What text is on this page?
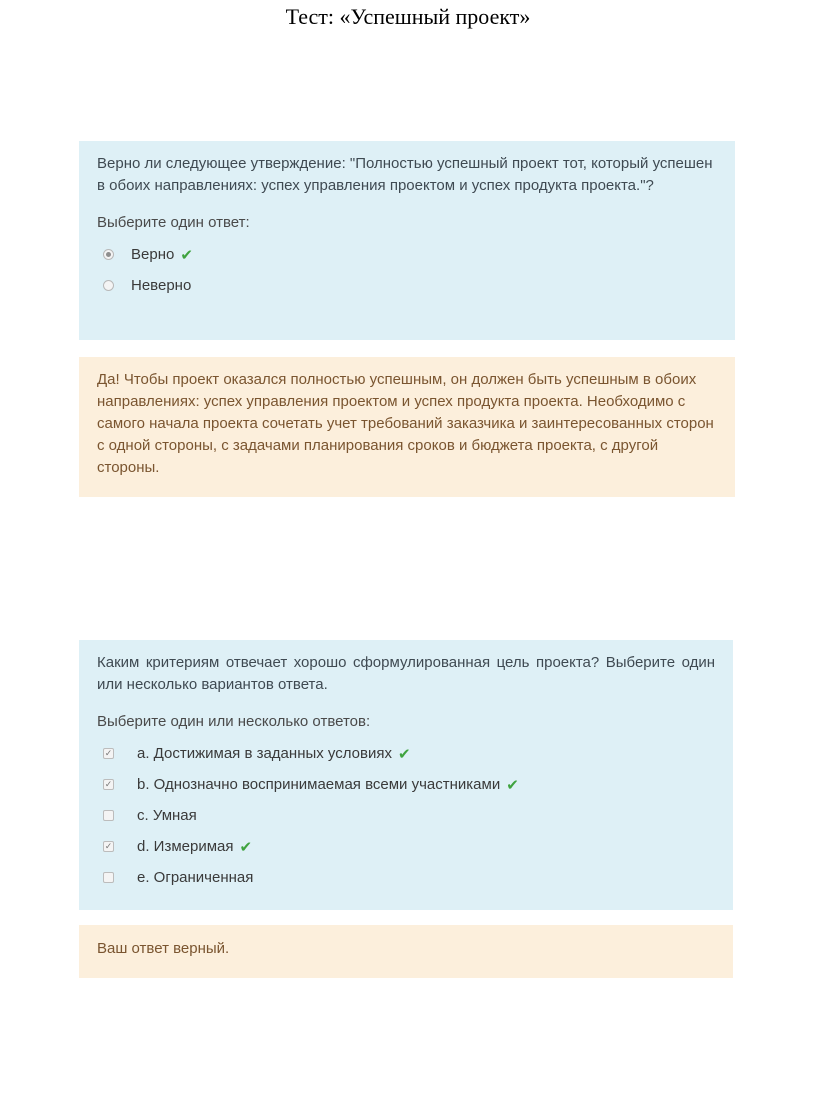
Тест: «Успешный проект»
Верно ли следующее утверждение: "Полностью успешный проект тот, который успешен в обоих направлениях: успех управления проектом и успех продукта проекта."?
Выберите один ответ:
Верно ✔
Неверно
Да! Чтобы проект оказался полностью успешным, он должен быть успешным в обоих направлениях: успех управления проектом и успех продукта проекта. Необходимо с самого начала проекта сочетать учет требований заказчика и заинтересованных сторон с одной стороны, с задачами планирования сроков и бюджета проекта, с другой стороны.
Каким критериям отвечает хорошо сформулированная цель проекта? Выберите один или несколько вариантов ответа.
Выберите один или несколько ответов:
✓ a. Достижимая в заданных условиях ✔
✓ b. Однозначно воспринимаемая всеми участниками ✔
c. Умная
✓ d. Измеримая ✔
e. Ограниченная
Ваш ответ верный.
